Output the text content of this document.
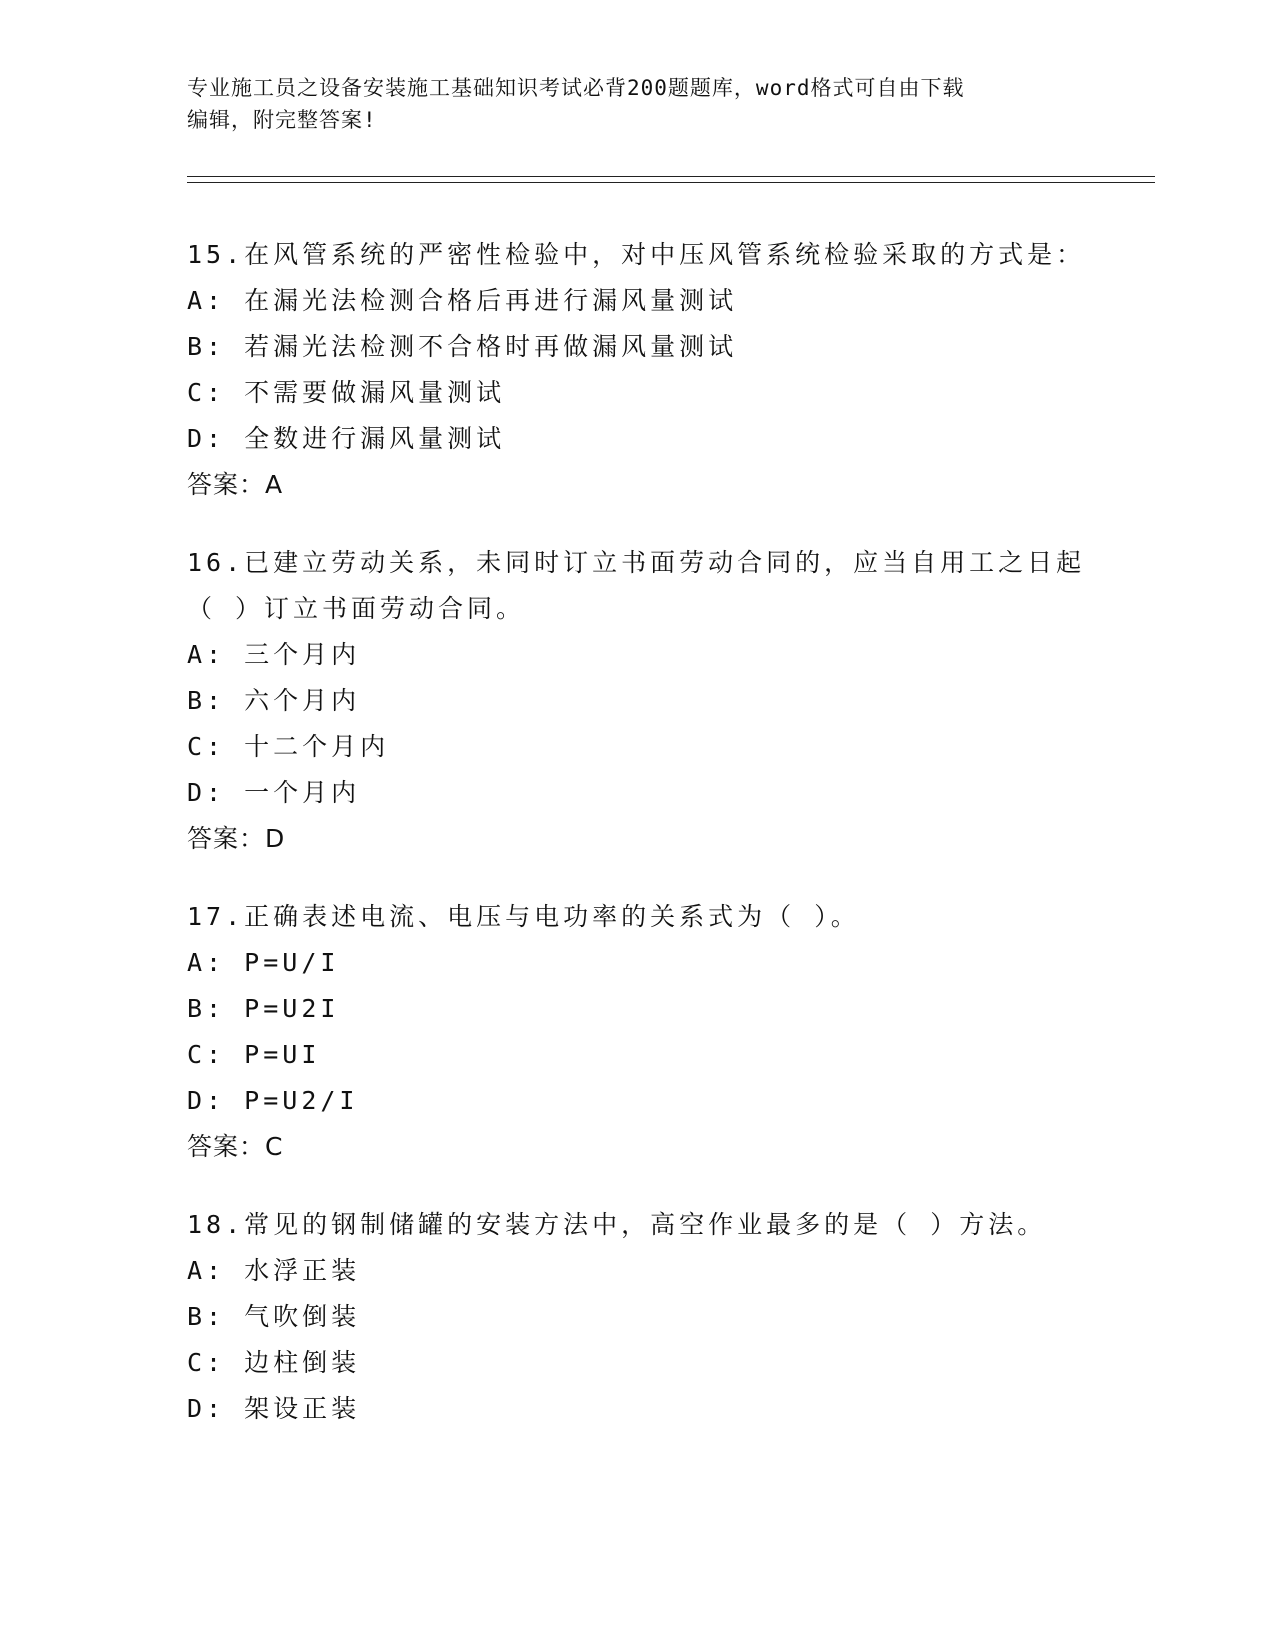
专业施工员之设备安装施工基础知识考试必背200题题库，word格式可自由下载
编辑，附完整答案!
15.在风管系统的严密性检验中，对中压风管系统检验采取的方式是：
A: 在漏光法检测合格后再进行漏风量测试
B: 若漏光法检测不合格时再做漏风量测试
C: 不需要做漏风量测试
D: 全数进行漏风量测试
答案：A
16.已建立劳动关系，未同时订立书面劳动合同的，应当自用工之日起
（ ）订立书面劳动合同。
A: 三个月内
B: 六个月内
C: 十二个月内
D: 一个月内
答案：D
17.正确表述电流、电压与电功率的关系式为（ ）。
A: P=U/I
B: P=U2I
C: P=UI
D: P=U2/I
答案：C
18.常见的钢制储罐的安装方法中，高空作业最多的是（ ）方法。
A: 水浮正装
B: 气吹倒装
C: 边柱倒装
D: 架设正装
